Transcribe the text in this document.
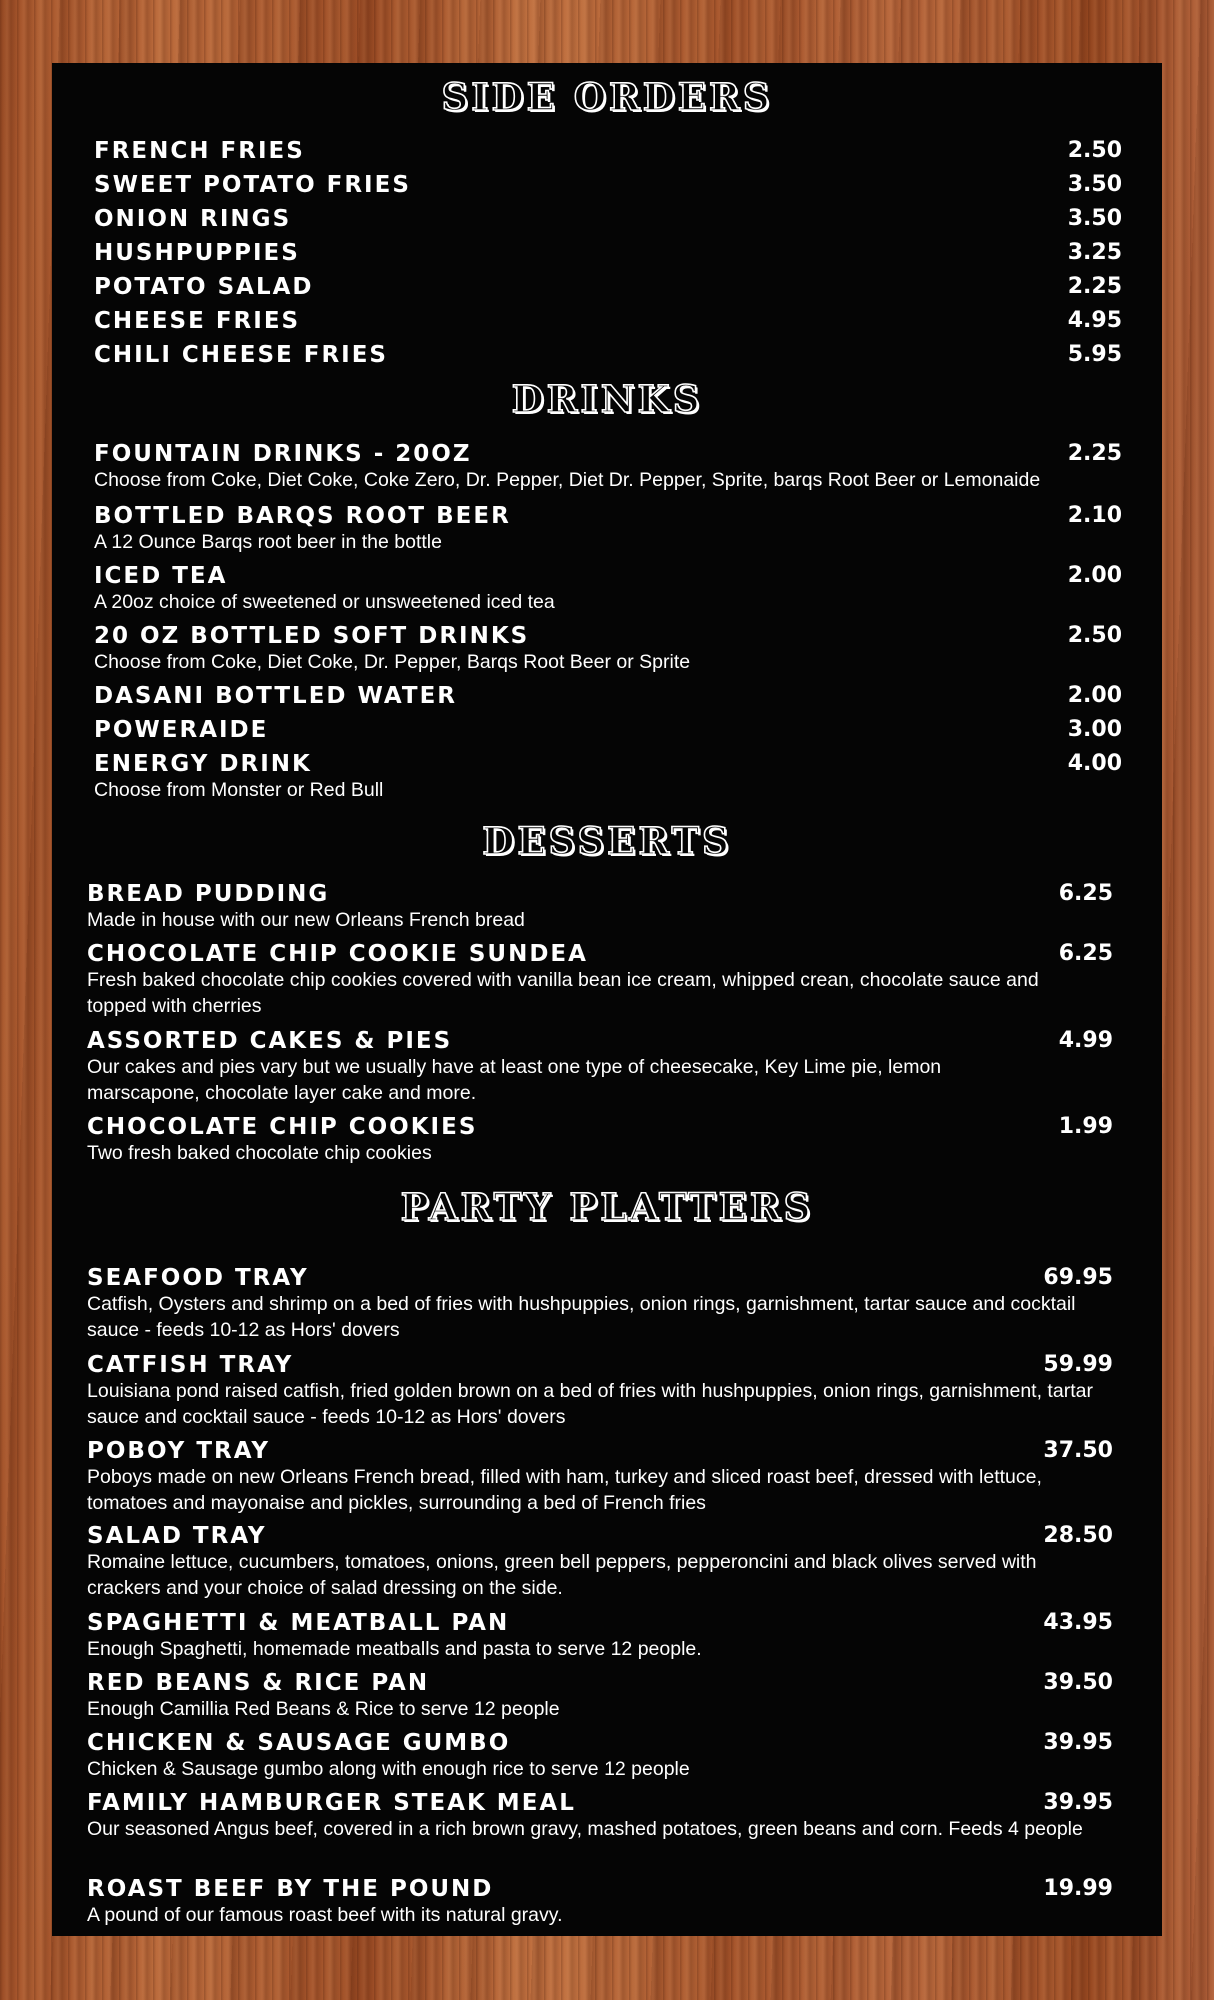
SIDE ORDERS
FRENCH FRIES	2.50
SWEET POTATO FRIES	3.50
ONION RINGS	3.50
HUSHPUPPIES	3.25
POTATO SALAD	2.25
CHEESE FRIES	4.95
CHILI CHEESE FRIES	5.95
DRINKS
FOUNTAIN DRINKS - 20OZ	2.25
Choose from Coke, Diet Coke, Coke Zero, Dr. Pepper, Diet Dr. Pepper, Sprite, barqs Root Beer or Lemonaide
BOTTLED BARQS ROOT BEER	2.10
A 12 Ounce Barqs root beer in the bottle
ICED TEA	2.00
A 20oz choice of sweetened or unsweetened iced tea
20 OZ BOTTLED SOFT DRINKS	2.50
Choose from Coke, Diet Coke, Dr. Pepper, Barqs Root Beer or Sprite
DASANI BOTTLED WATER	2.00
POWERAIDE	3.00
ENERGY DRINK	4.00
Choose from Monster or Red Bull
DESSERTS
BREAD PUDDING	6.25
Made in house with our new Orleans French bread
CHOCOLATE CHIP COOKIE SUNDEA	6.25
Fresh baked chocolate chip cookies covered with vanilla bean ice cream, whipped crean, chocolate sauce and topped with cherries
ASSORTED CAKES & PIES	4.99
Our cakes and pies vary but we usually have at least one type of cheesecake, Key Lime pie, lemon marscapone, chocolate layer cake and more.
CHOCOLATE CHIP COOKIES	1.99
Two fresh baked chocolate chip cookies
PARTY PLATTERS
SEAFOOD TRAY	69.95
Catfish, Oysters and shrimp on a bed of fries with hushpuppies, onion rings, garnishment, tartar sauce and cocktail sauce - feeds 10-12 as Hors' dovers
CATFISH TRAY	59.99
Louisiana pond raised catfish, fried golden brown on a bed of fries with hushpuppies, onion rings, garnishment, tartar sauce and cocktail sauce - feeds 10-12 as Hors' dovers
POBOY TRAY	37.50
Poboys made on new Orleans French bread, filled with ham, turkey and sliced roast beef, dressed with lettuce, tomatoes and mayonaise and pickles, surrounding a bed of French fries
SALAD TRAY	28.50
Romaine lettuce, cucumbers, tomatoes, onions, green bell peppers, pepperoncini and black olives served with crackers and your choice of salad dressing on the side.
SPAGHETTI & MEATBALL PAN	43.95
Enough Spaghetti, homemade meatballs and pasta to serve 12 people.
RED BEANS & RICE PAN	39.50
Enough Camillia Red Beans & Rice to serve 12 people
CHICKEN & SAUSAGE GUMBO	39.95
Chicken & Sausage gumbo along with enough rice to serve 12 people
FAMILY HAMBURGER STEAK MEAL	39.95
Our seasoned Angus beef, covered in a rich brown gravy, mashed potatoes, green beans and corn. Feeds 4 people
ROAST BEEF BY THE POUND	19.99
A pound of our famous roast beef with its natural gravy.
